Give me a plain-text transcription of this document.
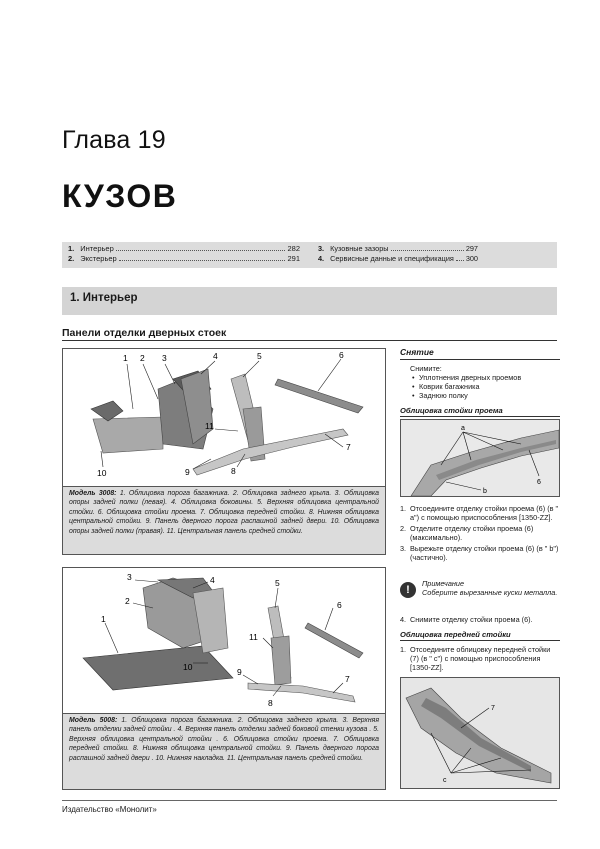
Глава 19
КУЗОВ
1. Интерьер	282
2. Экстерьер	291
3. Кузовные зазоры	297
4. Сервисные данные и спецификация 300
1. Интерьер
Панели отделки дверных стоек
1 2 3	4	5	6
7
8
9
10
11
Модель 3008: 1. Облицовка порога багажника. 2. Облицовка заднего крыла. 3. Облицовка опоры задней полки (левая). 4. Облицовка боковины. 5. Верхняя облицовка центральной стойки. 6. Облицовка стойки проема. 7. Облицовка передней стойки. 8. Нижняя облицовка центральной стойки. 9. Панель дверного порога распашной задней двери. 10. Облицовка опоры задней полки (правая). 11. Центральная панель средней стойки.
1
2
3	4	5
6
7
8
9
10
11
Модель 5008: 1. Облицовка порога багажника. 2. Облицовка заднего крыла. 3. Верхняя панель отделки задней стойки . 4. Верхняя панель отделки задней боковой стенки кузова . 5. Верхняя облицовка центральной стойки . 6. Облицовка стойки проема. 7. Облицовка передней стойки. 8. Нижняя облицовка центральной стойки. 9. Панель дверного порога распашной задней двери . 10. Нижняя накладка. 11. Центральная панель средней стойки.
Снятие
Снимите:
• Уплотнения дверных проемов
• Коврик багажника
• Заднюю полку
Облицовка стойки проема
a
6
b
1. Отсоедините отделку стойки проема (6) (в " a") с помощью приспособления [1350-ZZ].
2. Отделите отделку стойки проема (6) (максимально).
3. Вырежьте отделку стойки проема (6) (в " b") (частично).
!
Примечание
Соберите вырезанные куски металла.
4. Снимите отделку стойки проема (6).
Облицовка передней стойки
1. Отсоедините облицовку передней стойки (7) (в " c") с помощью приспособления [1350-ZZ].
7
c
Издательство «Монолит»
